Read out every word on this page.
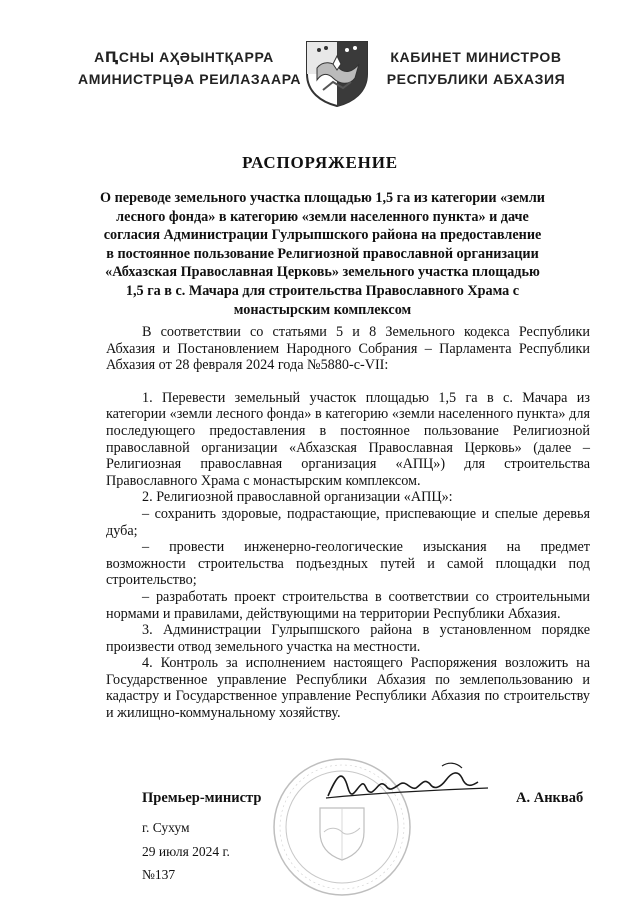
АԤСНЫ АҲӘЫНТҚАРРА
АМИНИСТРЦӘА РЕИЛАЗААРА
КАБИНЕТ МИНИСТРОВ
РЕСПУБЛИКИ АБХАЗИЯ
РАСПОРЯЖЕНИЕ
О переводе земельного участка площадью 1,5 га из категории «земли лесного фонда» в категорию «земли населенного пункта» и даче согласия Администрации Гулрыпшского района на предоставление в постоянное пользование Религиозной православной организации «Абхазская Православная Церковь» земельного участка площадью 1,5 га в с. Мачара для строительства Православного Храма с монастырским комплексом

В соответствии со статьями 5 и 8 Земельного кодекса Республики Абхазия и Постановлением Народного Собрания – Парламента Республики Абхазия от 28 февраля 2024 года №5880-с-VII:

1. Перевести земельный участок площадью 1,5 га в с. Мачара из категории «земли лесного фонда» в категорию «земли населенного пункта» для последующего предоставления в постоянное пользование Религиозной православной организации «Абхазская Православная Церковь» (далее – Религиозная православная организация «АПЦ») для строительства Православного Храма с монастырским комплексом.

2. Религиозной православной организации «АПЦ»:

– сохранить здоровые, подрастающие, приспевающие и спелые деревья дуба;

– провести инженерно-геологические изыскания на предмет возможности строительства подъездных путей и самой площадки под строительство;

– разработать проект строительства в соответствии со строительными нормами и правилами, действующими на территории Республики Абхазия.

3. Администрации Гулрыпшского района в установленном порядке произвести отвод земельного участка на местности.

4. Контроль за исполнением настоящего Распоряжения возложить на Государственное управление Республики Абхазия по землепользованию и кадастру и Государственное управление Республики Абхазия по строительству и жилищно-коммунальному хозяйству.

Премьер-министр	А. Анкваб
г. Сухум
29 июля 2024 г.
№137
